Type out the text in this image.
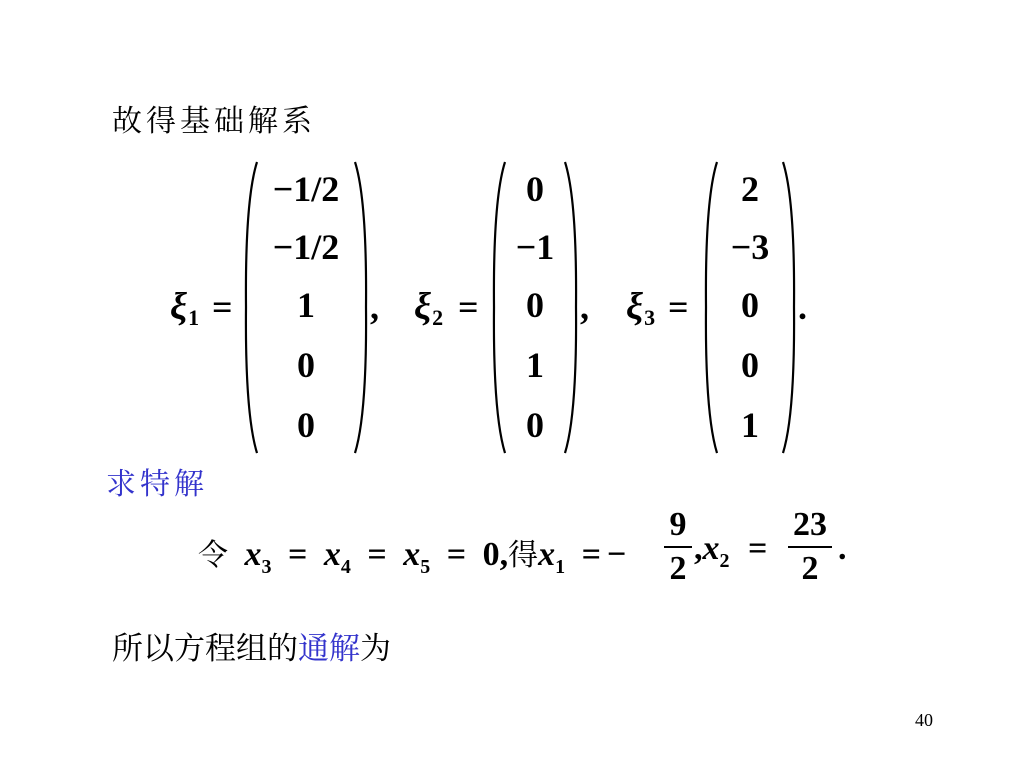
故得基础解系
ξ1 =
−1/2
−1/2
1
0
0
, ξ2 =
0
−1
0
1
0
, ξ3 =
2
−3
0
0
1
.
求特解
令 $x_3 = x_4 = x_5 = 0$,得$x_1$ = −
9
2
$,x_2$ =
23
2
.
所以方程组的通解为
40
